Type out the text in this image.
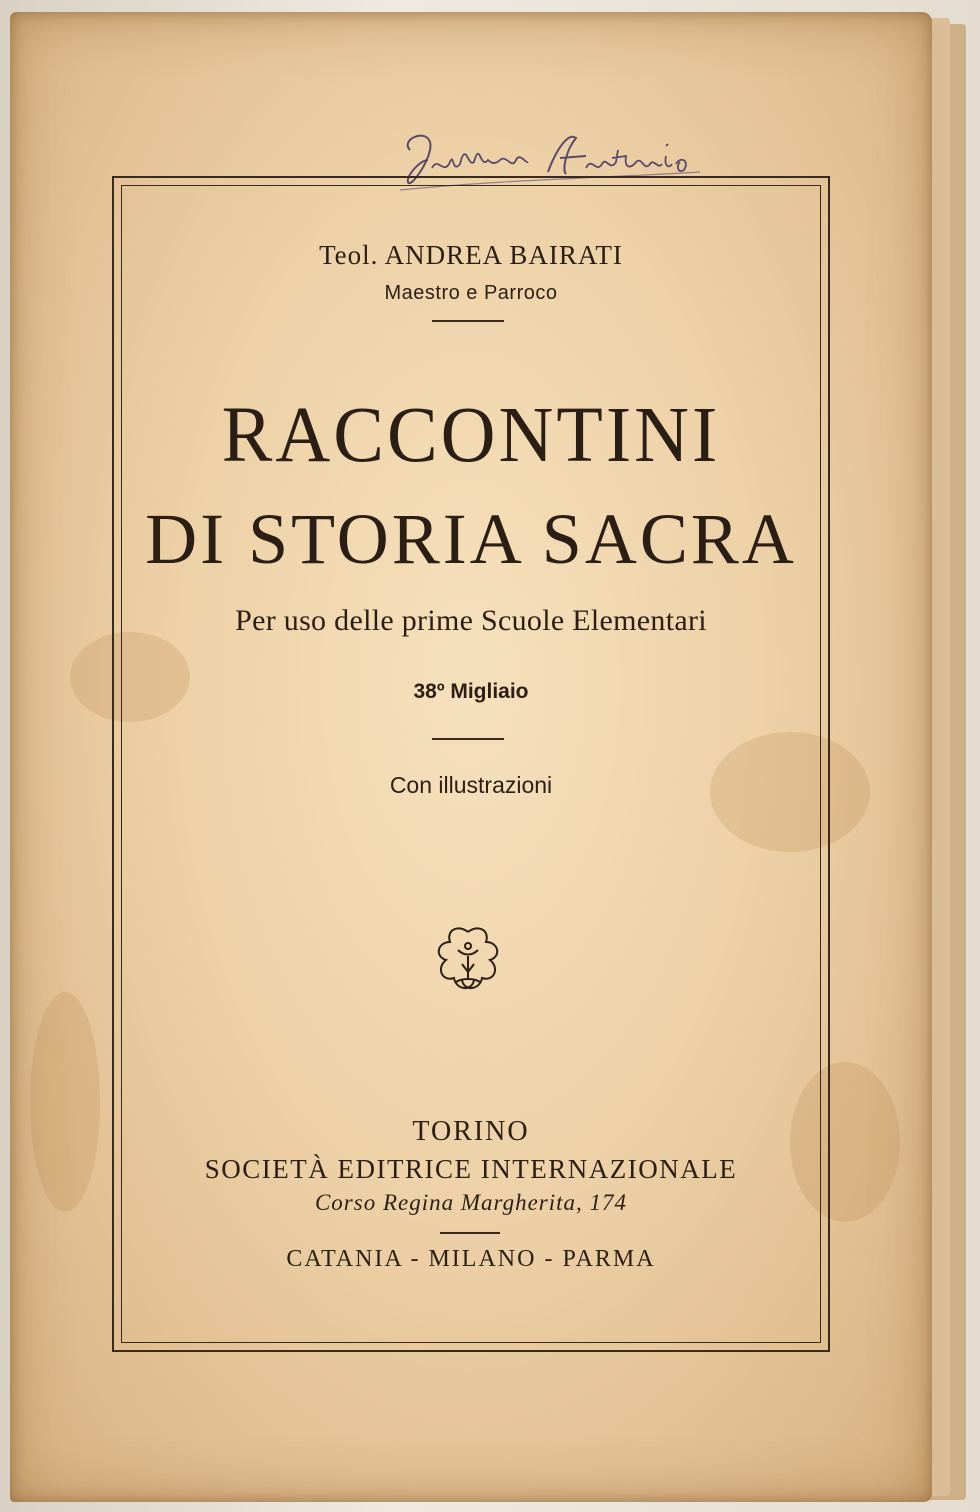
Teol. ANDREA BAIRATI
Maestro e Parroco
RACCONTINI
DI STORIA SACRA
Per uso delle prime Scuole Elementari
38º Migliaio
Con illustrazioni
TORINO
SOCIETÀ EDITRICE INTERNAZIONALE
Corso Regina Margherita, 174
CATANIA - MILANO - PARMA
